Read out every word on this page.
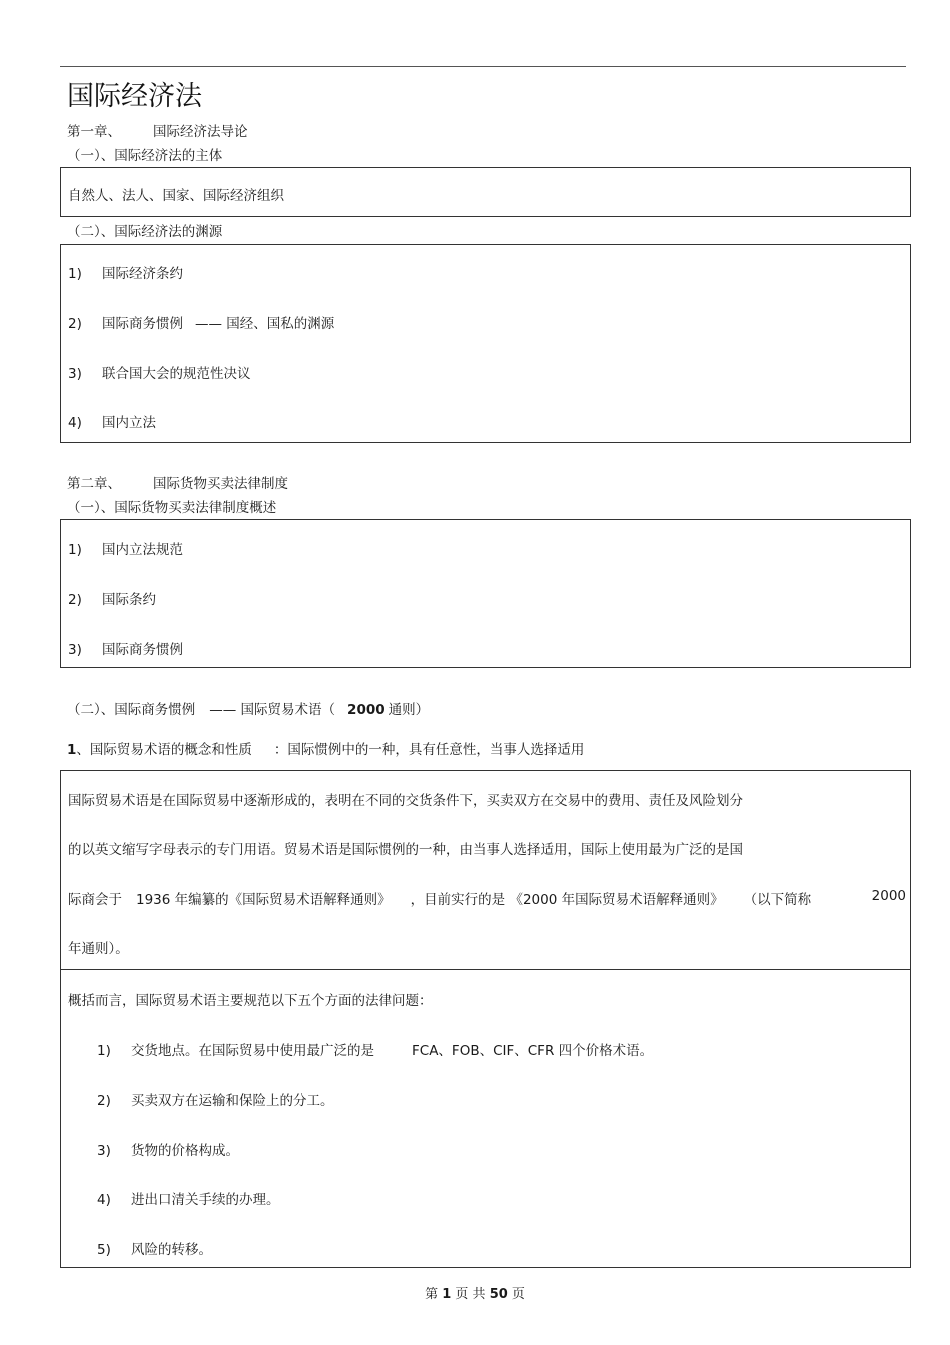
国际经济法
第一章、 国际经济法导论
（一）、国际经济法的主体
自然人、法人、国家、国际经济组织
（二）、国际经济法的渊源
1) 国际经济条约
2) 国际商务惯例 —— 国经、国私的渊源
3) 联合国大会的规范性决议
4) 国内立法
第二章、 国际货物买卖法律制度
（一）、国际货物买卖法律制度概述
1) 国内立法规范
2) 国际条约
3) 国际商务惯例
（二）、国际商务惯例 —— 国际贸易术语（ 2000 通则）
1、国际贸易术语的概念和性质 ：国际惯例中的一种，具有任意性，当事人选择适用
国际贸易术语是在国际贸易中逐渐形成的，表明在不同的交货条件下，买卖双方在交易中的费用、责任及风险划分
的以英文缩写字母表示的专门用语。贸易术语是国际惯例的一种，由当事人选择适用，国际上使用最为广泛的是国
际商会于 1936 年编纂的《国际贸易术语解释通则》 ，目前实行的是 《2000 年国际贸易术语解释通则》 （以下简称	2000
年通则）。
概括而言，国际贸易术语主要规范以下五个方面的法律问题：
1) 交货地点。在国际贸易中使用最广泛的是	FCA、FOB、CIF、CFR 四个价格术语。
2) 买卖双方在运输和保险上的分工。
3) 货物的价格构成。
4) 进出口清关手续的办理。
5) 风险的转移。
第 1 页 共 50 页
